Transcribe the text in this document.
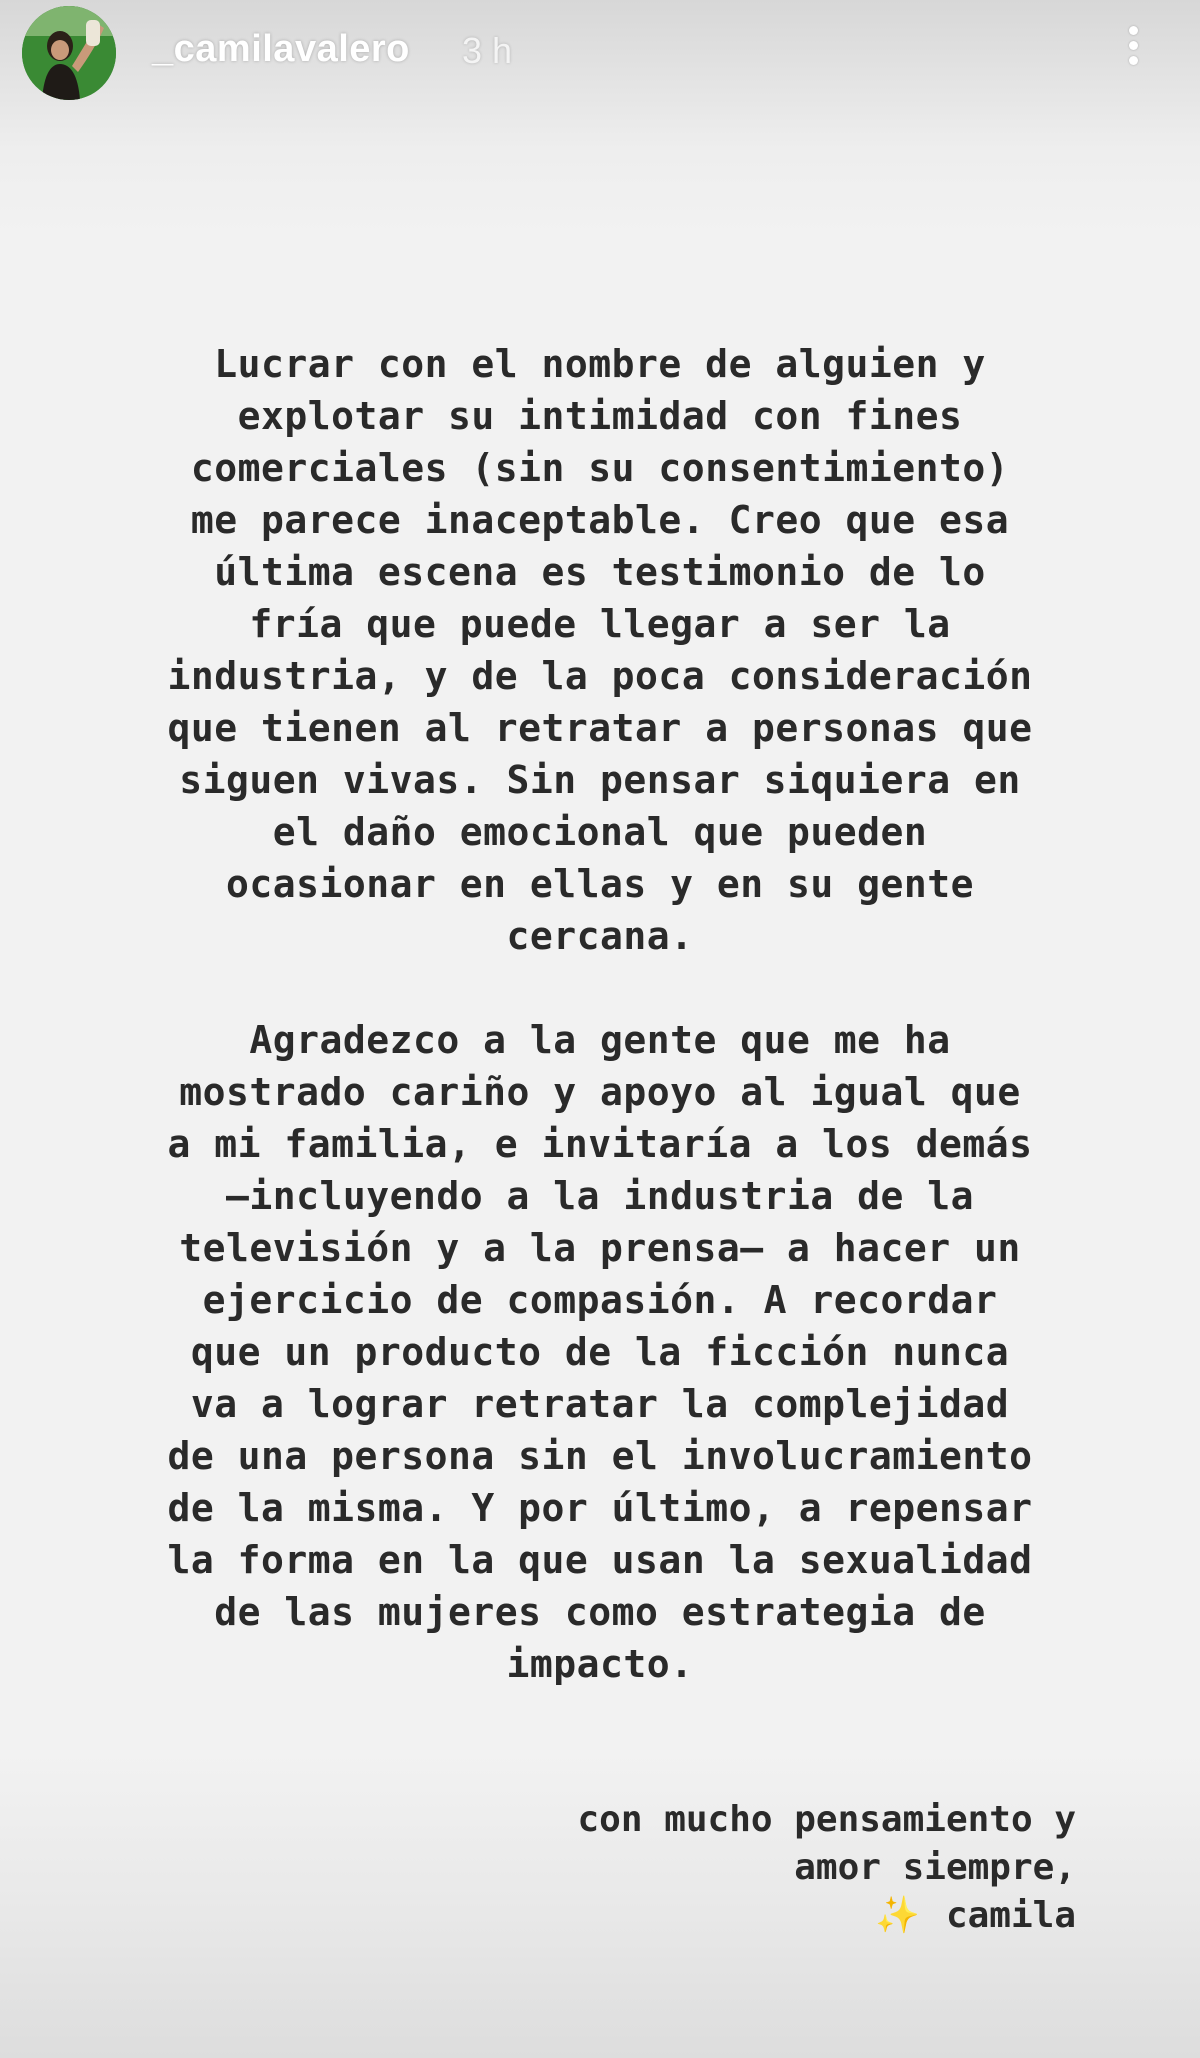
_camilavalero 3 h
Lucrar con el nombre de alguien y
explotar su intimidad con fines
comerciales (sin su consentimiento)
me parece inaceptable. Creo que esa
última escena es testimonio de lo
fría que puede llegar a ser la
industria, y de la poca consideración
que tienen al retratar a personas que
siguen vivas. Sin pensar siquiera en
el daño emocional que pueden
ocasionar en ellas y en su gente
cercana.
Agradezco a la gente que me ha
mostrado cariño y apoyo al igual que
a mi familia, e invitaría a los demás
—incluyendo a la industria de la
televisión y a la prensa— a hacer un
ejercicio de compasión. A recordar
que un producto de la ficción nunca
va a lograr retratar la complejidad
de una persona sin el involucramiento
de la misma. Y por último, a repensar
la forma en la que usan la sexualidad
de las mujeres como estrategia de
impacto.
con mucho pensamiento y
amor siempre,
✨ camila
